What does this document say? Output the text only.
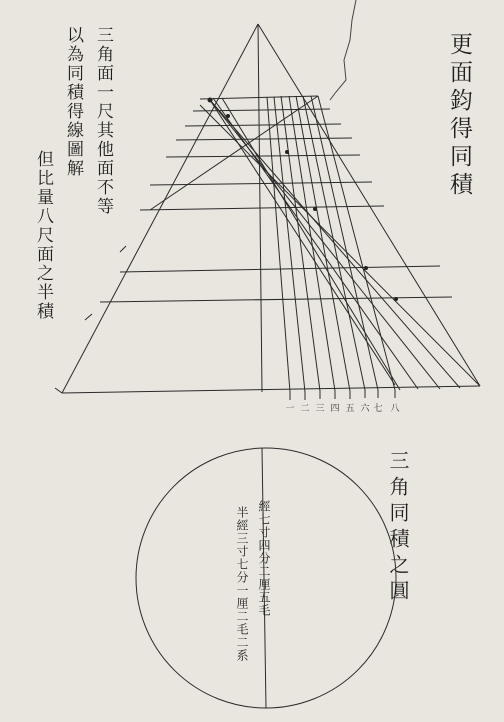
更面鈞得同積
三角面一尺其他面不等
以為同積得線圖解
但比量八尺面之半積
三角同積之圓
經七寸四分二厘五毛
半經三寸七分一厘二毛二系
一 二 三 四 五 六 七 八
